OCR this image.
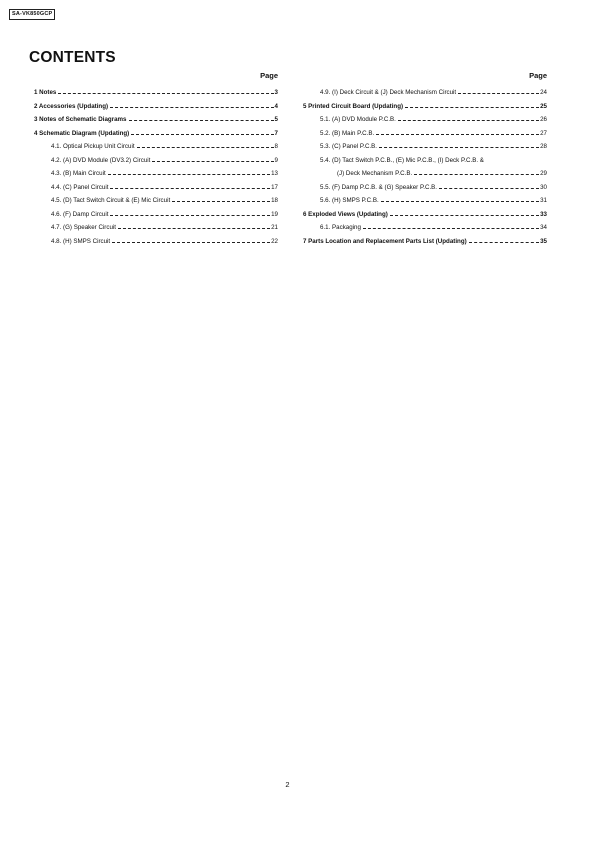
SA-VK850GCP
CONTENTS
Page
1 Notes	3
2 Accessories (Updating)	4
3 Notes of Schematic Diagrams	5
4 Schematic Diagram (Updating)	7
4.1. Optical Pickup Unit Circuit	8
4.2. (A) DVD Module (DV3.2) Circuit	9
4.3. (B) Main Circuit	13
4.4. (C) Panel Circuit	17
4.5. (D) Tact Switch Circuit & (E) Mic Circuit	18
4.6. (F) Damp Circuit	19
4.7. (G) Speaker Circuit	21
4.8. (H) SMPS Circuit	22
Page
4.9. (I) Deck Circuit & (J) Deck Mechanism Circuit	24
5 Printed Circuit Board (Updating)	25
5.1. (A) DVD Module P.C.B.	26
5.2. (B) Main P.C.B.	27
5.3. (C) Panel P.C.B.	28
5.4. (D) Tact Switch P.C.B., (E) Mic P.C.B., (I) Deck P.C.B. &
(J) Deck Mechanism P.C.B.	29
5.5. (F) Damp P.C.B. & (G) Speaker P.C.B.	30
5.6. (H) SMPS P.C.B.	31
6 Exploded Views (Updating)	33
6.1. Packaging	34
7 Parts Location and Replacement Parts List (Updating)	35
2
